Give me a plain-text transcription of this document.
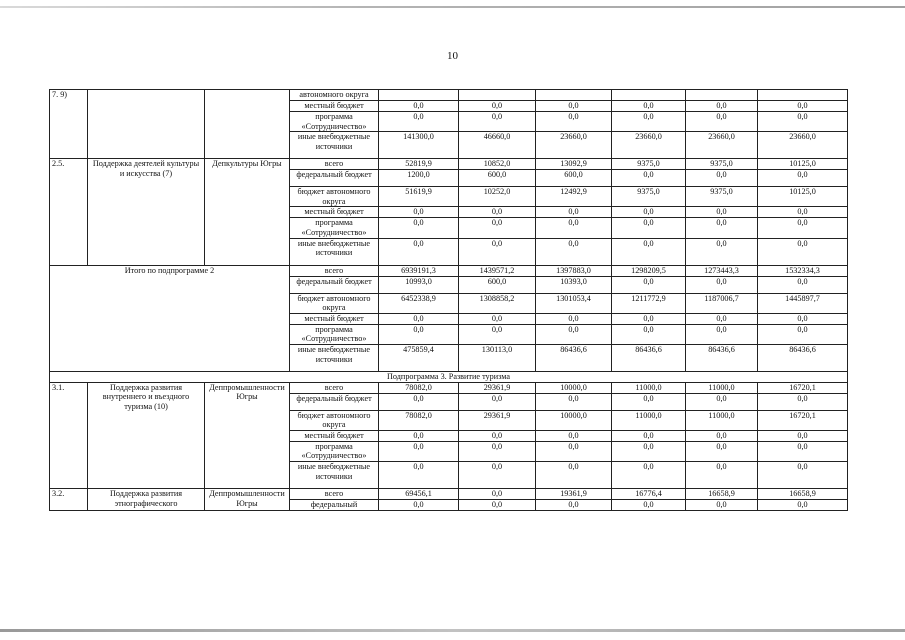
10
7. 9)			автономного округа						
			местный бюджет	0,0	0,0	0,0	0,0	0,0	0,0
			программа «Сотрудничество»	0,0	0,0	0,0	0,0	0,0	0,0
			иные внебюджетные источники	141300,0	46660,0	23660,0	23660,0	23660,0	23660,0
2.5.	Поддержка деятелей культуры и искусства (7)	Депкультуры Югры	всего	52819,9	10852,0	13092,9	9375,0	9375,0	10125,0
			федеральный бюджет	1200,0	600,0	600,0	0,0	0,0	0,0
			бюджет автономного округа	51619,9	10252,0	12492,9	9375,0	9375,0	10125,0
			местный бюджет	0,0	0,0	0,0	0,0	0,0	0,0
			программа «Сотрудничество»	0,0	0,0	0,0	0,0	0,0	0,0
			иные внебюджетные источники	0,0	0,0	0,0	0,0	0,0	0,0
Итого по подпрограмме 2			всего	6939191,3	1439571,2	1397883,0	1298209,5	1273443,3	1532334,3
			федеральный бюджет	10993,0	600,0	10393,0	0,0	0,0	0,0
			бюджет автономного округа	6452338,9	1308858,2	1301053,4	1211772,9	1187006,7	1445897,7
			местный бюджет	0,0	0,0	0,0	0,0	0,0	0,0
			программа «Сотрудничество»	0,0	0,0	0,0	0,0	0,0	0,0
			иные внебюджетные источники	475859,4	130113,0	86436,6	86436,6	86436,6	86436,6
Подпрограмма 3. Развитие туризма									
3.1.	Поддержка развития внутреннего и въездного туризма (10)	Деппромышленности Югры	всего	78082,0	29361,9	10000,0	11000,0	11000,0	16720,1
			федеральный бюджет	0,0	0,0	0,0	0,0	0,0	0,0
			бюджет автономного округа	78082,0	29361,9	10000,0	11000,0	11000,0	16720,1
			местный бюджет	0,0	0,0	0,0	0,0	0,0	0,0
			программа «Сотрудничество»	0,0	0,0	0,0	0,0	0,0	0,0
			иные внебюджетные источники	0,0	0,0	0,0	0,0	0,0	0,0
3.2.	Поддержка развития этнографического	Деппромышленности Югры	всего	69456,1	0,0	19361,9	16776,4	16658,9	16658,9
			федеральный	0,0	0,0	0,0	0,0	0,0	0,0
